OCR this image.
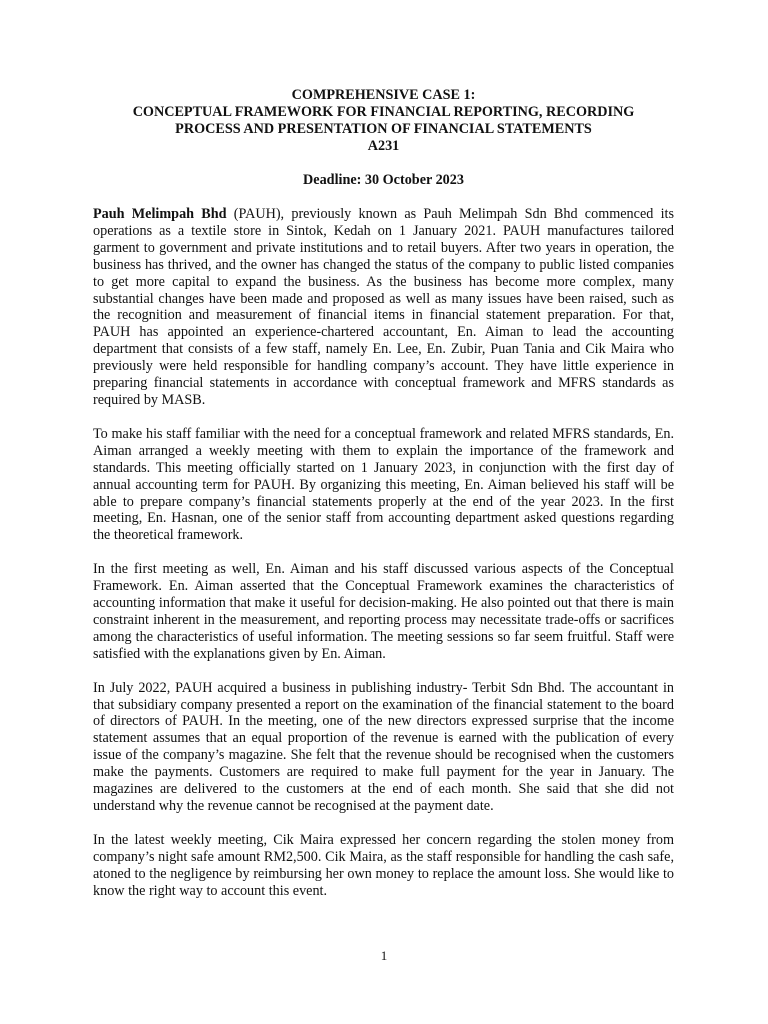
COMPREHENSIVE CASE 1:

CONCEPTUAL FRAMEWORK FOR FINANCIAL REPORTING, RECORDING

PROCESS AND PRESENTATION OF FINANCIAL STATEMENTS

A231

Deadline: 30 October 2023

Pauh Melimpah Bhd (PAUH), previously known as Pauh Melimpah Sdn Bhd commenced its operations as a textile store in Sintok, Kedah on 1 January 2021. PAUH manufactures tailored garment to government and private institutions and to retail buyers. After two years in operation, the business has thrived, and the owner has changed the status of the company to public listed companies to get more capital to expand the business. As the business has become more complex, many substantial changes have been made and proposed as well as many issues have been raised, such as the recognition and measurement of financial items in financial statement preparation. For that, PAUH has appointed an experience-chartered accountant, En. Aiman to lead the accounting department that consists of a few staff, namely En. Lee, En. Zubir, Puan Tania and Cik Maira who previously were held responsible for handling company’s account. They have little experience in preparing financial statements in accordance with conceptual framework and MFRS standards as required by MASB.

To make his staff familiar with the need for a conceptual framework and related MFRS standards, En. Aiman arranged a weekly meeting with them to explain the importance of the framework and standards. This meeting officially started on 1 January 2023, in conjunction with the first day of annual accounting term for PAUH. By organizing this meeting, En. Aiman believed his staff will be able to prepare company’s financial statements properly at the end of the year 2023. In the first meeting, En. Hasnan, one of the senior staff from accounting department asked questions regarding the theoretical framework.

In the first meeting as well, En. Aiman and his staff discussed various aspects of the Conceptual Framework. En. Aiman asserted that the Conceptual Framework examines the characteristics of accounting information that make it useful for decision-making. He also pointed out that there is main constraint inherent in the measurement, and reporting process may necessitate trade-offs or sacrifices among the characteristics of useful information. The meeting sessions so far seem fruitful. Staff were satisfied with the explanations given by En. Aiman.

In July 2022, PAUH acquired a business in publishing industry- Terbit Sdn Bhd. The accountant in that subsidiary company presented a report on the examination of the financial statement to the board of directors of PAUH. In the meeting, one of the new directors expressed surprise that the income statement assumes that an equal proportion of the revenue is earned with the publication of every issue of the company’s magazine. She felt that the revenue should be recognised when the customers make the payments. Customers are required to make full payment for the year in January. The magazines are delivered to the customers at the end of each month. She said that she did not understand why the revenue cannot be recognised at the payment date.

In the latest weekly meeting, Cik Maira expressed her concern regarding the stolen money from company’s night safe amount RM2,500. Cik Maira, as the staff responsible for handling the cash safe, atoned to the negligence by reimbursing her own money to replace the amount loss. She would like to know the right way to account this event.

1
